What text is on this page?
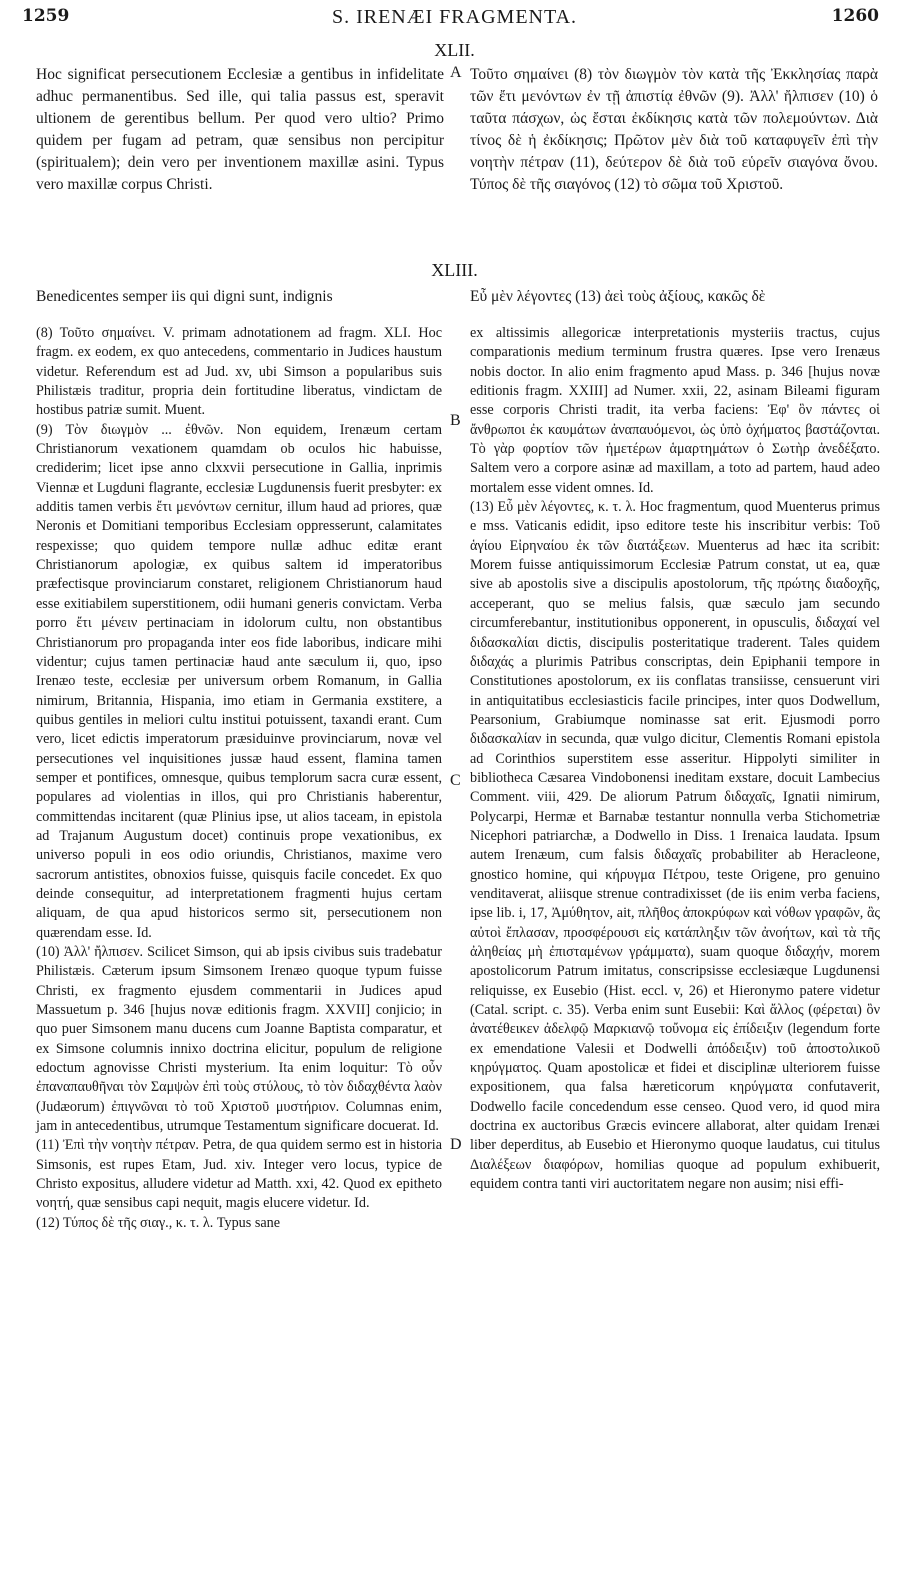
1259	S. IRENÆI FRAGMENTA.	1260
XLII.

Hoc significat persecutionem Ecclesiæ a gentibus in infidelitate adhuc permanentibus. Sed ille, qui talia passus est, speravit ultionem de gerentibus bellum. Per quod vero ultio? Primo quidem per fugam ad petram, quæ sensibus non percipitur (spiritualem); dein vero per inventionem maxillæ asini. Typus vero maxillæ corpus Christi.

Τοῦτο σημαίνει (8) τὸν διωγμὸν τὸν κατὰ τῆς Ἐκκλησίας παρὰ τῶν ἔτι μενόντων ἐν τῇ ἀπιστίᾳ ἐθνῶν (9). Ἀλλ' ἤλπισεν (10) ὁ ταῦτα πάσχων, ὡς ἔσται ἐκδίκησις κατὰ τῶν πολεμούντων. Διὰ τίνος δὲ ἡ ἐκδίκησις; Πρῶτον μὲν διὰ τοῦ καταφυγεῖν ἐπὶ τὴν νοητὴν πέτραν (11), δεύτερον δὲ διὰ τοῦ εὑρεῖν σιαγόνα ὄνου. Τύπος δὲ τῆς σιαγόνος (12) τὸ σῶμα τοῦ Χριστοῦ.

XLIII.

Benedicentes semper iis qui digni sunt, indignis	Εὖ μὲν λέγοντες (13) ἀεὶ τοὺς ἀξίους, κακῶς δὲ

A
B
C
D

(8) Τοῦτο σημαίνει. V. primam adnotationem ad fragm. XLI. Hoc fragm. ex eodem, ex quo antecedens, commentario in Judices haustum videtur. Referendum est ad Jud. xv, ubi Simson a popularibus suis Philistæis traditur, propria dein fortitudine liberatus, vindictam de hostibus patriæ sumit. Muent.

(9) Τὸν διωγμὸν ... ἐθνῶν. Non equidem, Irenæum certam Christianorum vexationem quamdam ob oculos hic habuisse, crediderim; licet ipse anno clxxvii persecutione in Gallia, inprimis Viennæ et Lugduni flagrante, ecclesiæ Lugdunensis fuerit presbyter: ex additis tamen verbis ἔτι μενόντων cernitur, illum haud ad priores, quæ Neronis et Domitiani temporibus Ecclesiam oppresserunt, calamitates respexisse; quo quidem tempore nullæ adhuc editæ erant Christianorum apologiæ, ex quibus saltem id imperatoribus præfectisque provinciarum constaret, religionem Christianorum haud esse exitiabilem superstitionem, odii humani generis convictam. Verba porro ἔτι μένειν pertinaciam in idolorum cultu, non obstantibus Christianorum pro propaganda inter eos fide laboribus, indicare mihi videntur; cujus tamen pertinaciæ haud ante sæculum ii, quo, ipso Irenæo teste, ecclesiæ per universum orbem Romanum, in Gallia nimirum, Britannia, Hispania, imo etiam in Germania exstitere, a quibus gentiles in meliori cultu institui potuissent, taxandi erant. Cum vero, licet edictis imperatorum præsiduinve provinciarum, novæ vel persecutiones vel inquisitiones jussæ haud essent, flamina tamen semper et pontifices, omnesque, quibus templorum sacra curæ essent, populares ad violentias in illos, qui pro Christianis haberentur, committendas incitarent (quæ Plinius ipse, ut alios taceam, in epistola ad Trajanum Augustum docet) continuis prope vexationibus, ex universo populi in eos odio oriundis, Christianos, maxime vero sacrorum antistites, obnoxios fuisse, quisquis facile concedet. Ex quo deinde consequitur, ad interpretationem fragmenti hujus certam aliquam, de qua apud historicos sermo sit, persecutionem non quærendam esse. Id.

(10) Ἀλλ' ἤλπισεν. Scilicet Simson, qui ab ipsis civibus suis tradebatur Philistæis. Cæterum ipsum Simsonem Irenæo quoque typum fuisse Christi, ex fragmento ejusdem commentarii in Judices apud Massuetum p. 346 [hujus novæ editionis fragm. XXVII] conjicio; in quo puer Simsonem manu ducens cum Joanne Baptista comparatur, et ex Simsone columnis innixo doctrina elicitur, populum de religione edoctum agnovisse Christi mysterium. Ita enim loquitur: Τὸ οὖν ἐπαναπαυθῆναι τὸν Σαμψὼν ἐπὶ τοὺς στύλους, τὸ τὸν διδαχθέντα λαὸν (Judæorum) ἐπιγνῶναι τὸ τοῦ Χριστοῦ μυστήριον. Columnas enim, jam in antecedentibus, utrumque Testamentum significare docuerat. Id.

(11) Ἐπὶ τὴν νοητὴν πέτραν. Petra, de qua quidem sermo est in historia Simsonis, est rupes Etam, Jud. xiv. Integer vero locus, typice de Christo expositus, alludere videtur ad Matth. xxi, 42. Quod ex epitheto νοητή, quæ sensibus capi nequit, magis elucere videtur. Id.

(12) Τύπος δὲ τῆς σιαγ., κ. τ. λ. Typus sane

ex altissimis allegoricæ interpretationis mysteriis tractus, cujus comparationis medium terminum frustra quæres. Ipse vero Irenæus nobis doctor. In alio enim fragmento apud Mass. p. 346 [hujus novæ editionis fragm. XXIII] ad Numer. xxii, 22, asinam Bileami figuram esse corporis Christi tradit, ita verba faciens: Ἐφ' ὃν πάντες οἱ ἄνθρωποι ἐκ καυμάτων ἀναπαυόμενοι, ὡς ὑπὸ ὀχήματος βαστάζονται. Τὸ γὰρ φορτίον τῶν ἡμετέρων ἁμαρτημάτων ὁ Σωτὴρ ἀνεδέξατο. Saltem vero a corpore asinæ ad maxillam, a toto ad partem, haud adeo mortalem esse vident omnes. Id.

(13) Εὖ μὲν λέγοντες, κ. τ. λ. Hoc fragmentum, quod Muenterus primus e mss. Vaticanis edidit, ipso editore teste his inscribitur verbis: Τοῦ ἁγίου Εἰρηναίου ἐκ τῶν διατάξεων. Muenterus ad hæc ita scribit: Morem fuisse antiquissimorum Ecclesiæ Patrum constat, ut ea, quæ sive ab apostolis sive a discipulis apostolorum, τῆς πρώτης διαδοχῆς, acceperant, quo se melius falsis, quæ sæculo jam secundo circumferebantur, institutionibus opponerent, in opusculis, διδαχαί vel διδασκαλίαι dictis, discipulis posteritatique traderent. Tales quidem διδαχάς a plurimis Patribus conscriptas, dein Epiphanii tempore in Constitutiones apostolorum, ex iis conflatas transiisse, censuerunt viri in antiquitatibus ecclesiasticis facile principes, inter quos Dodwellum, Pearsonium, Grabiumque nominasse sat erit. Ejusmodi porro διδασκαλίαν in secunda, quæ vulgo dicitur, Clementis Romani epistola ad Corinthios superstitem esse asseritur. Hippolyti similiter in bibliotheca Cæsarea Vindobonensi ineditam exstare, docuit Lambecius Comment. viii, 429. De aliorum Patrum διδαχαῖς, Ignatii nimirum, Polycarpi, Hermæ et Barnabæ testantur nonnulla verba Stichometriæ Nicephori patriarchæ, a Dodwello in Diss. 1 Irenaica laudata. Ipsum autem Irenæum, cum falsis διδαχαῖς probabiliter ab Heracleone, gnostico homine, qui κήρυγμα Πέτρου, teste Origene, pro genuino venditaverat, aliisque strenue contradixisset (de iis enim verba faciens, ipse lib. i, 17, Ἀμύθητον, ait, πλῆθος ἀποκρύφων καὶ νόθων γραφῶν, ἃς αὐτοὶ ἔπλασαν, προσφέρουσι εἰς κατάπληξιν τῶν ἀνοήτων, καὶ τὰ τῆς ἀληθείας μὴ ἐπισταμένων γράμματα), suam quoque διδαχήν, morem apostolicorum Patrum imitatus, conscripsisse ecclesiæque Lugdunensi reliquisse, ex Eusebio (Hist. eccl. v, 26) et Hieronymo patere videtur (Catal. script. c. 35). Verba enim sunt Eusebii: Καὶ ἄλλος (φέρεται) ὃν ἀνατέθεικεν ἀδελφῷ Μαρκιανῷ τοὔνομα εἰς ἐπίδειξιν (legendum forte ex emendatione Valesii et Dodwelli ἀπόδειξιν) τοῦ ἀποστολικοῦ κηρύγματος. Quam apostolicæ et fidei et disciplinæ ulteriorem fuisse expositionem, qua falsa hæreticorum κηρύγματα confutaverit, Dodwello facile concedendum esse censeo. Quod vero, id quod mira doctrina ex auctoribus Græcis evincere allaborat, alter quidam Irenæi liber deperditus, ab Eusebio et Hieronymo quoque laudatus, cui titulus Διαλέξεων διαφόρων, homilias quoque ad populum exhibuerit, equidem contra tanti viri auctoritatem negare non ausim; nisi effi-
